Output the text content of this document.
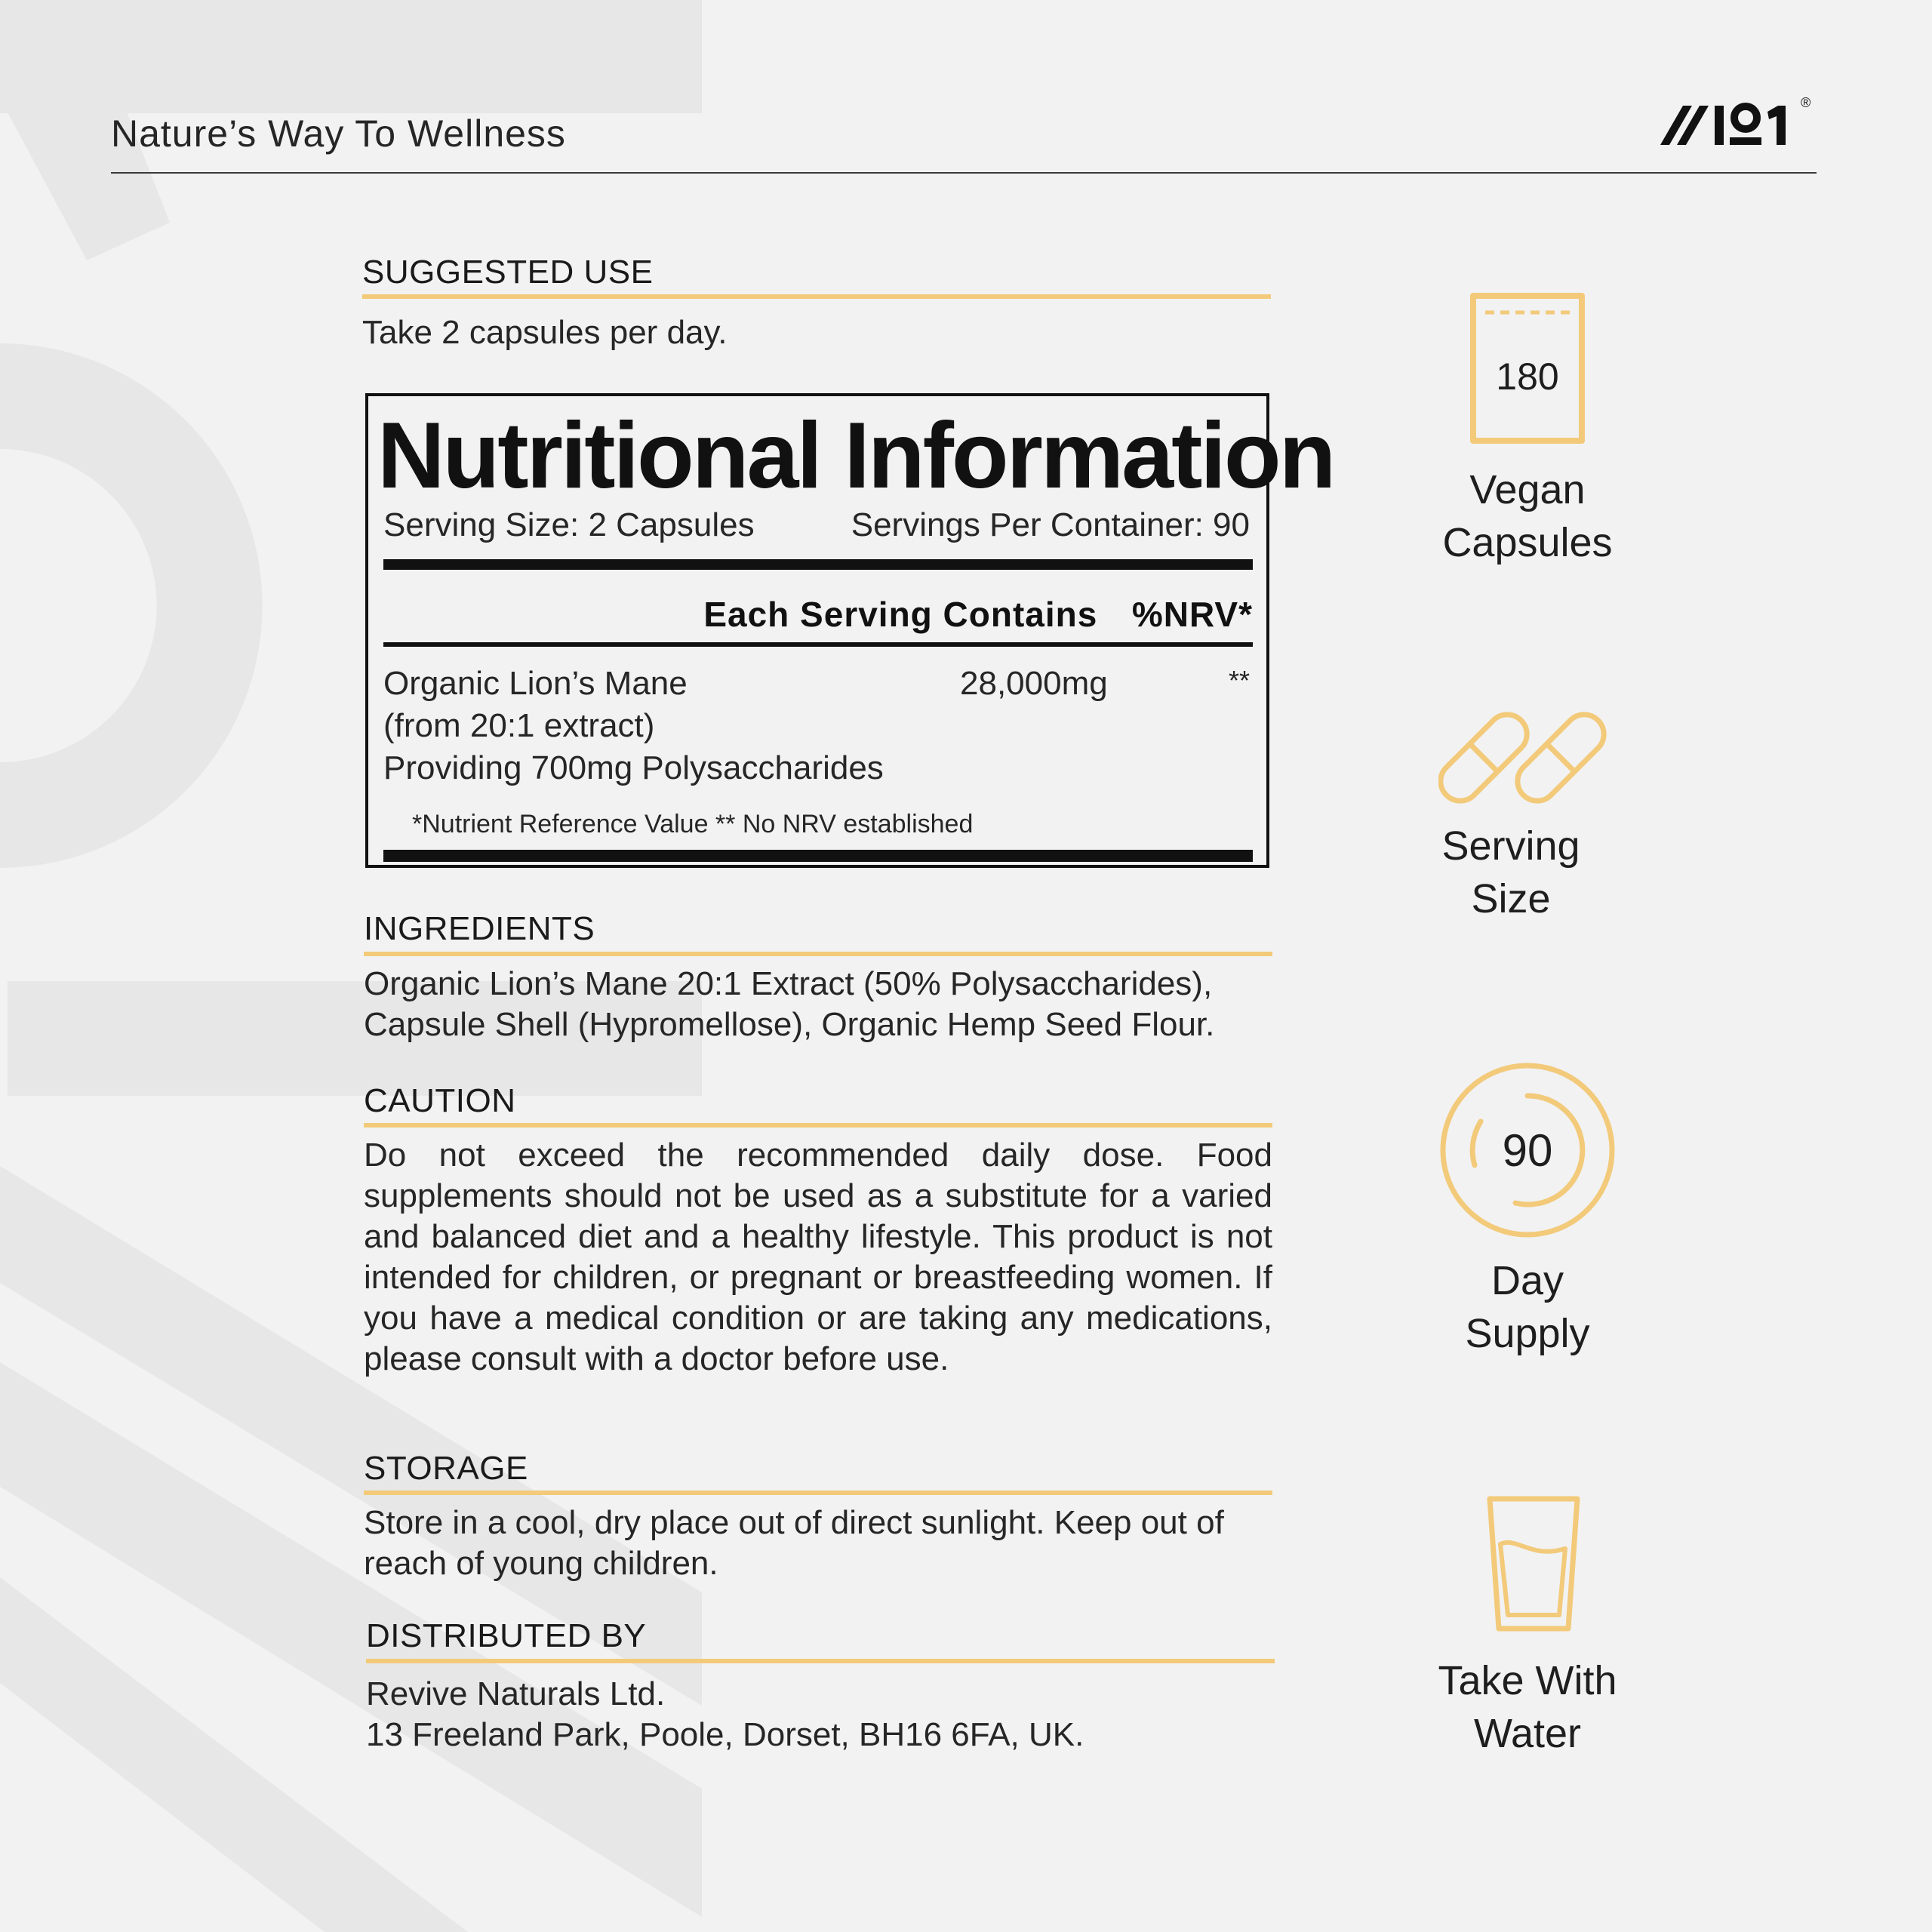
Nature’s Way To Wellness
®
SUGGESTED USE
Take 2 capsules per day.
Nutritional Information
Serving Size: 2 Capsules	Servings Per Container: 90
Each Serving Contains %NRV*
Organic Lion’s Mane
(from 20:1 extract)
Providing 700mg Polysaccharides
28,000mg	**
*Nutrient Reference Value ** No NRV established
INGREDIENTS
Organic Lion’s Mane 20:1 Extract (50% Polysaccharides),
Capsule Shell (Hypromellose), Organic Hemp Seed Flour.
CAUTION
Do not exceed the recommended daily dose. Food supplements should not be used as a substitute for a varied and balanced diet and a healthy lifestyle. This product is not intended for children, or pregnant or breastfeeding women. If you have a medical condition or are taking any medications, please consult with a doctor before use.
STORAGE
Store in a cool, dry place out of direct sunlight. Keep out of reach of young children.
DISTRIBUTED BY
Revive Naturals Ltd.
13 Freeland Park, Poole, Dorset, BH16 6FA, UK.
180
Vegan
Capsules
Serving
Size
90
Day
Supply
Take With
Water
